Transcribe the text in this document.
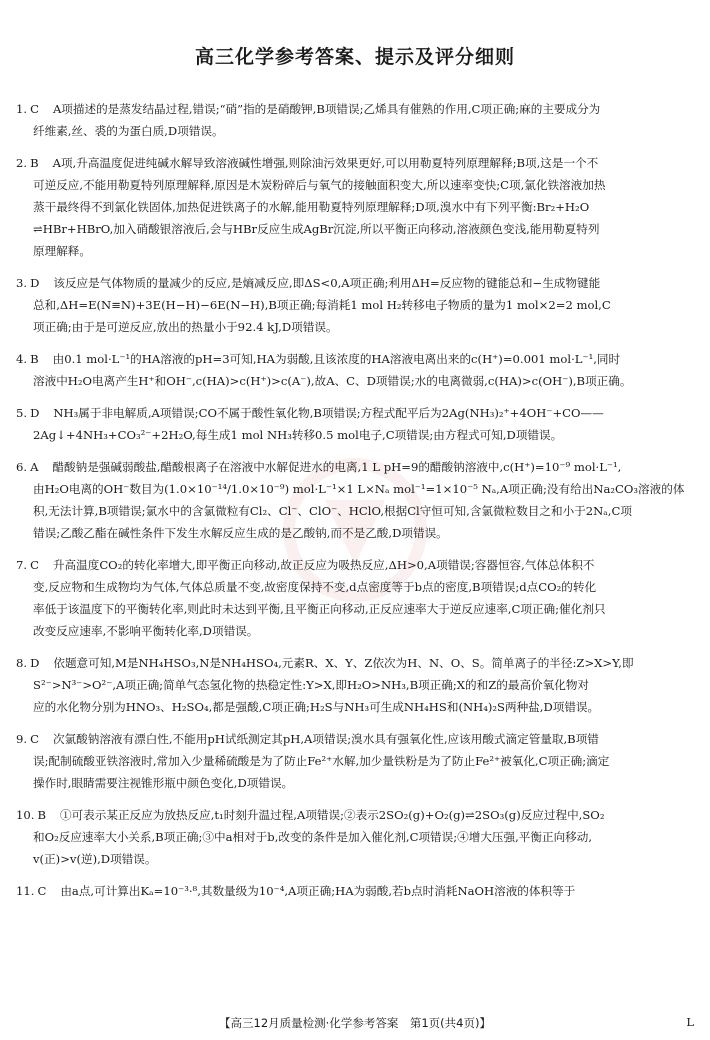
高三化学参考答案、提示及评分细则
1. C A项描述的是蒸发结晶过程,错误;“硝”指的是硝酸钾,B项错误;乙烯具有催熟的作用,C项正确;麻的主要成分为
纤维素,丝、裘的为蛋白质,D项错误。
2. B A项,升高温度促进纯碱水解导致溶液碱性增强,则除油污效果更好,可以用勒夏特列原理解释;B项,这是一个不
可逆反应,不能用勒夏特列原理解释,原因是木炭粉碎后与氧气的接触面积变大,所以速率变快;C项,氯化铁溶液加热
蒸干最终得不到氯化铁固体,加热促进铁离子的水解,能用勒夏特列原理解释;D项,溴水中有下列平衡:Br₂+H₂O
⇌HBr+HBrO,加入硝酸银溶液后,会与HBr反应生成AgBr沉淀,所以平衡正向移动,溶液颜色变浅,能用勒夏特列
原理解释。
3. D 该反应是气体物质的量减少的反应,是熵减反应,即ΔS<0,A项正确;利用ΔH=反应物的键能总和−生成物键能
总和,ΔH=E(N≡N)+3E(H−H)−6E(N−H),B项正确;每消耗1 mol H₂转移电子物质的量为1 mol×2=2 mol,C
项正确;由于是可逆反应,放出的热量小于92.4 kJ,D项错误。
4. B 由0.1 mol·L⁻¹的HA溶液的pH=3可知,HA为弱酸,且该浓度的HA溶液电离出来的c(H⁺)=0.001 mol·L⁻¹,同时
溶液中H₂O电离产生H⁺和OH⁻,c(HA)>c(H⁺)>c(A⁻),故A、C、D项错误;水的电离微弱,c(HA)>c(OH⁻),B项正确。
5. D NH₃属于非电解质,A项错误;CO不属于酸性氧化物,B项错误;方程式配平后为2Ag(NH₃)₂⁺+4OH⁻+CO——
2Ag↓+4NH₃+CO₃²⁻+2H₂O,每生成1 mol NH₃转移0.5 mol电子,C项错误;由方程式可知,D项错误。
6. A 醋酸钠是强碱弱酸盐,醋酸根离子在溶液中水解促进水的电离,1 L pH=9的醋酸钠溶液中,c(H⁺)=10⁻⁹ mol·L⁻¹,
由H₂O电离的OH⁻数目为(1.0×10⁻¹⁴/1.0×10⁻⁹) mol·L⁻¹×1 L×Nₐ mol⁻¹=1×10⁻⁵ Nₐ,A项正确;没有给出Na₂CO₃溶液的体
积,无法计算,B项错误;氯水中的含氯微粒有Cl₂、Cl⁻、ClO⁻、HClO,根据Cl守恒可知,含氯微粒数目之和小于2Nₐ,C项
错误;乙酸乙酯在碱性条件下发生水解反应生成的是乙酸钠,而不是乙酸,D项错误。
7. C 升高温度CO₂的转化率增大,即平衡正向移动,故正反应为吸热反应,ΔH>0,A项错误;容器恒容,气体总体积不
变,反应物和生成物均为气体,气体总质量不变,故密度保持不变,d点密度等于b点的密度,B项错误;d点CO₂的转化
率低于该温度下的平衡转化率,则此时未达到平衡,且平衡正向移动,正反应速率大于逆反应速率,C项正确;催化剂只
改变反应速率,不影响平衡转化率,D项错误。
8. D 依题意可知,M是NH₄HSO₃,N是NH₄HSO₄,元素R、X、Y、Z依次为H、N、O、S。简单离子的半径:Z>X>Y,即
S²⁻>N³⁻>O²⁻,A项正确;简单气态氢化物的热稳定性:Y>X,即H₂O>NH₃,B项正确;X的和Z的最高价氧化物对
应的水化物分别为HNO₃、H₂SO₄,都是强酸,C项正确;H₂S与NH₃可生成NH₄HS和(NH₄)₂S两种盐,D项错误。
9. C 次氯酸钠溶液有漂白性,不能用pH试纸测定其pH,A项错误;溴水具有强氧化性,应该用酸式滴定管量取,B项错
误;配制硫酸亚铁溶液时,常加入少量稀硫酸是为了防止Fe²⁺水解,加少量铁粉是为了防止Fe²⁺被氧化,C项正确;滴定
操作时,眼睛需要注视锥形瓶中颜色变化,D项错误。
10. B ①可表示某正反应为放热反应,t₁时刻升温过程,A项错误;②表示2SO₂(g)+O₂(g)⇌2SO₃(g)反应过程中,SO₂
和O₂反应速率大小关系,B项正确;③中a相对于b,改变的条件是加入催化剂,C项错误;④增大压强,平衡正向移动,
v(正)>v(逆),D项错误。
11. C 由a点,可计算出Kₐ=10⁻³·⁸,其数量级为10⁻⁴,A项正确;HA为弱酸,若b点时消耗NaOH溶液的体积等于
【高三12月质量检测·化学参考答案　第1页(共4页)】	L
